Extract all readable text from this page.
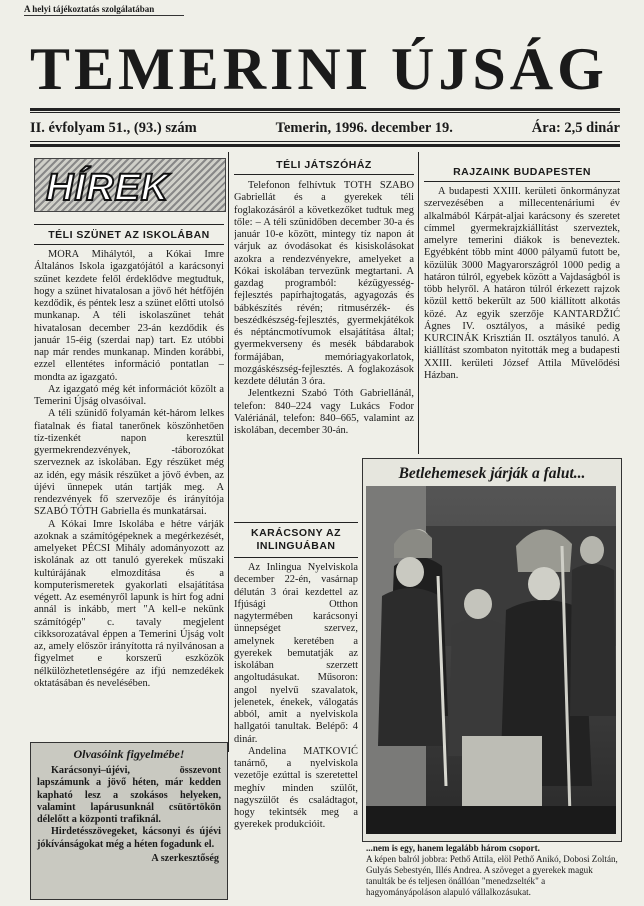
A helyi tájékoztatás szolgálatában
TEMERINI ÚJSÁG
II. évfolyam 51., (93.) szám	Temerin, 1996. december 19.	Ára: 2,5 dinár
HÍREK
TÉLI SZÜNET AZ ISKOLÁBAN

MÓRA Mihálytól, a Kókai Imre Általános Iskola igazgatójától a karácsonyi szünet kezdete felől érdeklődve megtudtuk, hogy a szünet hivatalosan a jövő hét hétfőjén kezdődik, és péntek lesz a szünet előtti utolsó munkanap. A téli iskolaszünet tehát hivatalosan december 23-án kezdődik és január 15-éig (szerdai nap) tart. Ez utóbbi nap már rendes munkanap. Minden korábbi, ezzel ellentétes információ pontatlan – mondta az igazgató.

Az igazgató még két információt közölt a Temerini Újság olvasóival.

A téli szünidő folyamán két-három lelkes fiatalnak és fiatal tanerőnek köszönhetően tíz-tizenkét napon keresztül gyermekrendezvények, -táborozókat szerveznek az iskolában. Egy részüket még az idén, egy másik részüket a jövő évben, az újévi ünnepek után tartják meg. A rendezvények fő szervezője és irányítója SZABÓ TÓTH Gabriella és munkatársai.

A Kókai Imre Iskolába e hétre várják azoknak a számítógépeknek a megérkezését, amelyeket PÉCSI Mihály adományozott az iskolának az ott tanuló gyerekek műszaki kultúrájának elmozdítása és a komputerismeretek gyakorlati elsajátítása végett. Az eseményről lapunk is hírt fog adni annál is inkább, mert "A kell-e nekünk számítógép" c. tavaly megjelent cikksorozatával éppen a Temerini Újság volt az, amely először irányította rá nyilvánosan a figyelmet e korszerű eszközök nélkülözhetetlenségére az ifjú nemzedékek oktatásában és nevelésében.

Olvasóink figyelmébe!
Karácsonyi–újévi, összevont lapszámunk a jövő héten, már kedden kapható lesz a szokásos helyeken, valamint lapárusunknál csütörtökön délelőtt a központi trafiknál.
Hirdetésszövegeket, kácsonyi és újévi jókívánságokat még a héten fogadunk el.
A szerkesztőség
TÉLI JÁTSZÓHÁZ

Telefonon felhívtuk TÓTH SZABÓ Gabriellát és a gyerekek téli foglakozásáról a következőket tudtuk meg tőle: – A téli szünidőben december 30-a és január 10-e között, mintegy tíz napon át várjuk az óvodásokat és kisiskolásokat azokra a rendezvényekre, amelyeket a Kókai iskolában tervezünk megtartani. A gazdag programból: kézügyesség-fejlesztés papírhajtogatás, agyagozás és bábkészítés révén; ritmusérzék- és beszédkészség-fejlesztés, gyermekjátékok és néptáncmotívumok elsajátítása által; gyermekverseny és mesék bábdarabok formájában, memóriagyakorlatok, mozgáskészség-fejlesztés. A foglakozások kezdete délután 3 óra.

Jelentkezni Szabó Tóth Gabriellánál, telefon: 840–224 vagy Lukács Fodor Valériánál, telefon: 840–665, valamint az iskolában, december 30-án.

KARÁCSONY AZ
INLINGUÁBAN

Az Inlingua Nyelviskola december 22-én, vasárnap délután 3 órai kezdettel az Ifjúsági Otthon nagytermében karácsonyi ünnepséget szervez, amelynek keretében a gyerekek bemutatják az iskolában szerzett angoltudásukat. Műsoron: angol nyelvű szavalatok, jelenetek, énekek, válogatás abból, amit a nyelviskola hallgatói tanultak. Belépő: 4 dinár.

Andelina MATKOVIĆ tanárnő, a nyelviskola vezetője ezúttal is szeretettel meghív minden szülőt, nagyszülőt és családtagot, hogy tekintsék meg a gyerekek produkcióit.

RAJZAINK BUDAPESTEN

A budapesti XXIII. kerületi önkormányzat szervezésében a millecentenáriumi év alkalmából Kárpát-aljai karácsony és szeretet címmel gyermekrajzkiállítást szerveztek, amelyre temerini diákok is beneveztek. Egyébként több mint 4000 pályamű futott be, közülük 3000 Magyarországról 1000 pedig a határon túlról, egyebek között a Vajdaságból is több helyről. A határon túlról érkezett rajzok közül kettő bekerült az 500 kiállított alkotás közé. Az egyik szerzője KANTARDŽIĆ Ágnes IV. osztályos, a másiké pedig KURCINÁK Krisztián II. osztályos tanuló. A kiállítást szombaton nyitották meg a budapesti XXIII. kerületi József Attila Művelődési Házban.

Betlehemesek járják a falut...
...nem is egy, hanem legalább három csoport.
A képen balról jobbra: Pethő Attila, elöl Pethő Anikó, Dobosi Zoltán, Gulyás Sebestyén, Illés Andrea. A szöveget a gyerekek maguk tanulták be és teljesen önállóan "menedzselték" a hagyományápoláson alapuló vállalkozásukat.
